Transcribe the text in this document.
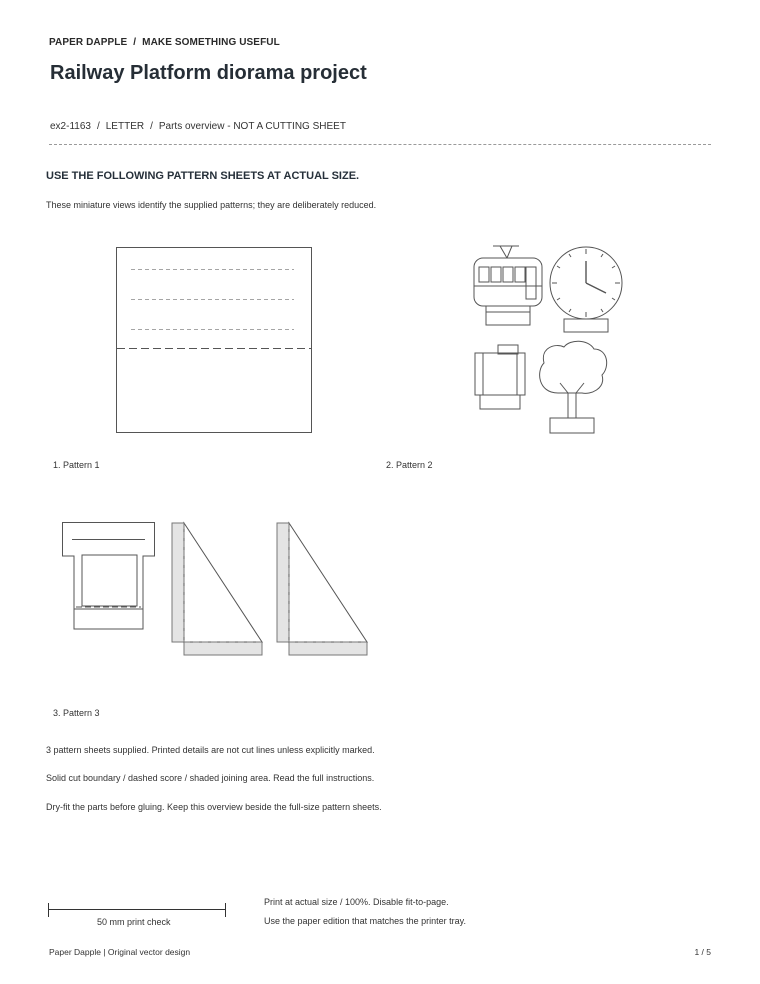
PAPER DAPPLE / MAKE SOMETHING USEFUL
Railway Platform diorama project
ex2-1163 / LETTER / Parts overview - NOT A CUTTING SHEET
USE THE FOLLOWING PATTERN SHEETS AT ACTUAL SIZE.
These miniature views identify the supplied patterns; they are deliberately reduced.
1. Pattern 1	2. Pattern 2
3. Pattern 3
3 pattern sheets supplied. Printed details are not cut lines unless explicitly marked.
Solid cut boundary / dashed score / shaded joining area. Read the full instructions.
Dry-fit the parts before gluing. Keep this overview beside the full-size pattern sheets.
50 mm print check
Print at actual size / 100%. Disable fit-to-page.
Use the paper edition that matches the printer tray.
Paper Dapple | Original vector design	1 / 5
